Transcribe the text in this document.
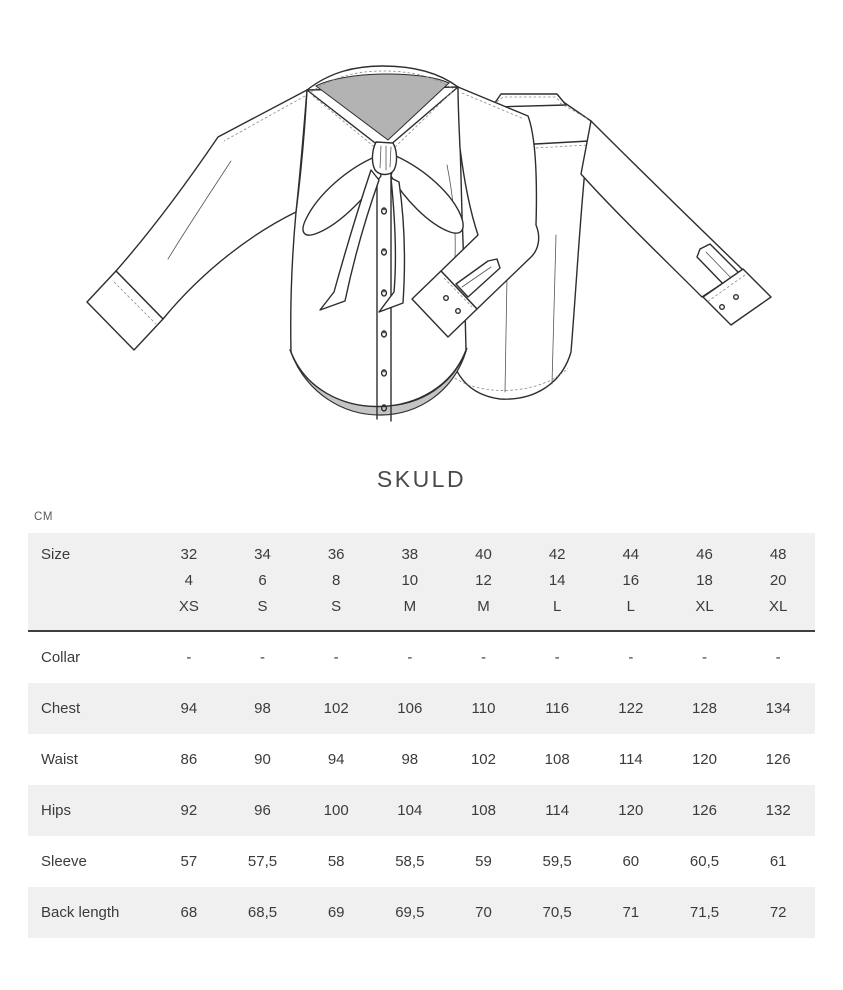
SKULD
CM
Size	32	34	36	38	40	42	44	46	48
4	6	8	10	12	14	16	18	20
XS	S	S	M	M	L	L	XL	XL
Collar	-	-	-	-	-	-	-	-	-
Chest	94	98	102	106	110	116	122	128	134
Waist	86	90	94	98	102	108	114	120	126
Hips	92	96	100	104	108	114	120	126	132
Sleeve	57	57,5	58	58,5	59	59,5	60	60,5	61
Back length	68	68,5	69	69,5	70	70,5	71	71,5	72
